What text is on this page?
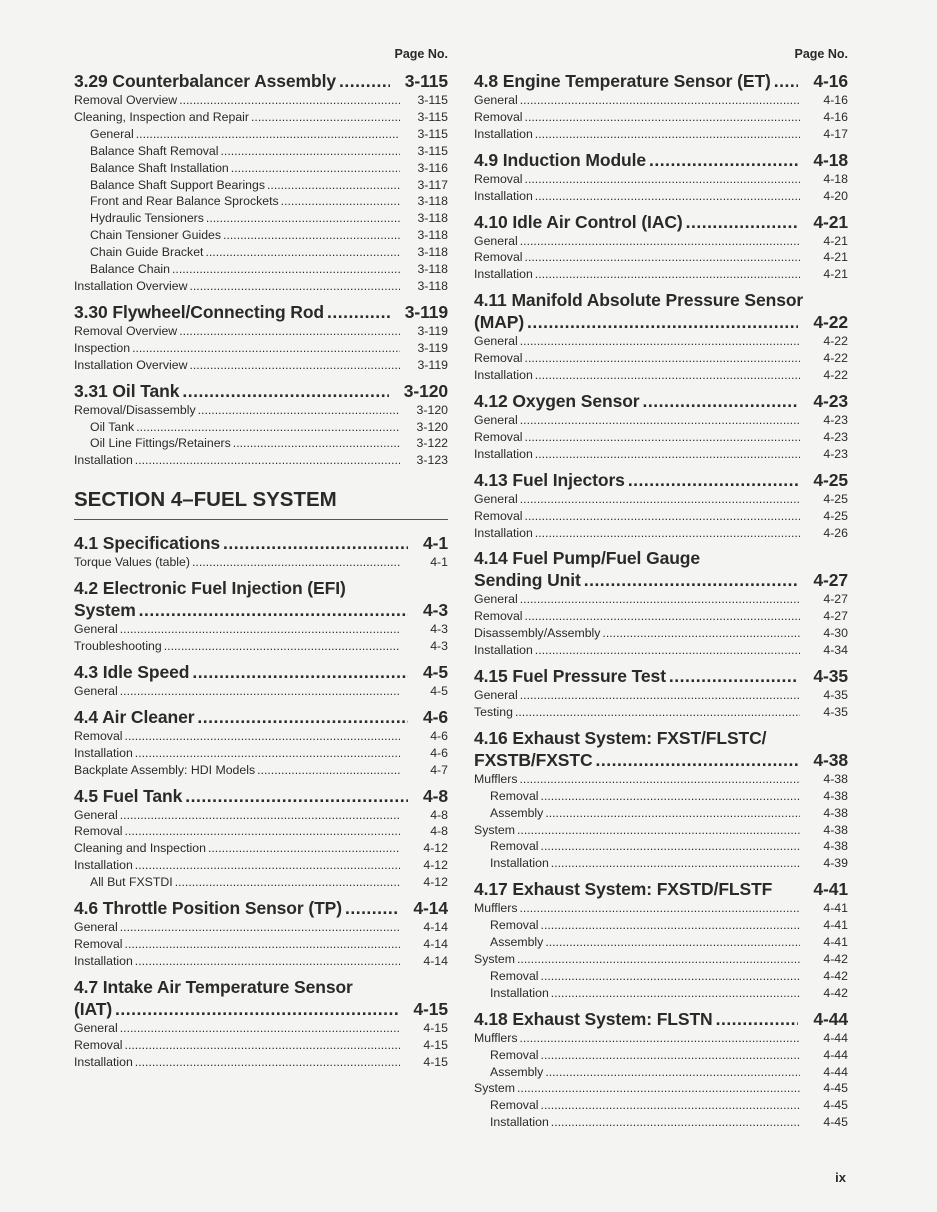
Page No.
3.29 Counterbalancer Assembly .....	3-115
Removal Overview .....	3-115
Cleaning, Inspection and Repair .....	3-115
General .....	3-115
Balance Shaft Removal .....	3-115
Balance Shaft Installation .....	3-116
Balance Shaft Support Bearings .....	3-117
Front and Rear Balance Sprockets .....	3-118
Hydraulic Tensioners .....	3-118
Chain Tensioner Guides .....	3-118
Chain Guide Bracket .....	3-118
Balance Chain .....	3-118
Installation Overview .....	3-118
3.30 Flywheel/Connecting Rod .....	3-119
Removal Overview .....	3-119
Inspection .....	3-119
Installation Overview .....	3-119
3.31 Oil Tank .....	3-120
Removal/Disassembly .....	3-120
Oil Tank .....	3-120
Oil Line Fittings/Retainers .....	3-122
Installation .....	3-123
SECTION 4–FUEL SYSTEM
4.1 Specifications .....	4-1
Torque Values (table) .....	4-1
4.2 Electronic Fuel Injection (EFI)
System .....	4-3
General .....	4-3
Troubleshooting .....	4-3
4.3 Idle Speed .....	4-5
General .....	4-5
4.4 Air Cleaner .....	4-6
Removal .....	4-6
Installation .....	4-6
Backplate Assembly: HDI Models .....	4-7
4.5 Fuel Tank .....	4-8
General .....	4-8
Removal .....	4-8
Cleaning and Inspection .....	4-12
Installation .....	4-12
All But FXSTDI .....	4-12
4.6 Throttle Position Sensor (TP) .....	4-14
General .....	4-14
Removal .....	4-14
Installation .....	4-14
4.7 Intake Air Temperature Sensor
(IAT) .....	4-15
General .....	4-15
Removal .....	4-15
Installation .....	4-15
Page No.
4.8 Engine Temperature Sensor (ET) .....	4-16
General .....	4-16
Removal .....	4-16
Installation .....	4-17
4.9 Induction Module .....	4-18
Removal .....	4-18
Installation .....	4-20
4.10 Idle Air Control (IAC) .....	4-21
General .....	4-21
Removal .....	4-21
Installation .....	4-21
4.11 Manifold Absolute Pressure Sensor
(MAP) .....	4-22
General .....	4-22
Removal .....	4-22
Installation .....	4-22
4.12 Oxygen Sensor .....	4-23
General .....	4-23
Removal .....	4-23
Installation .....	4-23
4.13 Fuel Injectors .....	4-25
General .....	4-25
Removal .....	4-25
Installation .....	4-26
4.14 Fuel Pump/Fuel Gauge
Sending Unit .....	4-27
General .....	4-27
Removal .....	4-27
Disassembly/Assembly .....	4-30
Installation .....	4-34
4.15 Fuel Pressure Test .....	4-35
General .....	4-35
Testing .....	4-35
4.16 Exhaust System: FXST/FLSTC/
FXSTB/FXSTC .....	4-38
Mufflers .....	4-38
Removal .....	4-38
Assembly .....	4-38
System .....	4-38
Removal .....	4-38
Installation .....	4-39
4.17 Exhaust System: FXSTD/FLSTF	4-41
Mufflers .....	4-41
Removal .....	4-41
Assembly .....	4-41
System .....	4-42
Removal .....	4-42
Installation .....	4-42
4.18 Exhaust System: FLSTN .....	4-44
Mufflers .....	4-44
Removal .....	4-44
Assembly .....	4-44
System .....	4-45
Removal .....	4-45
Installation .....	4-45
ix
